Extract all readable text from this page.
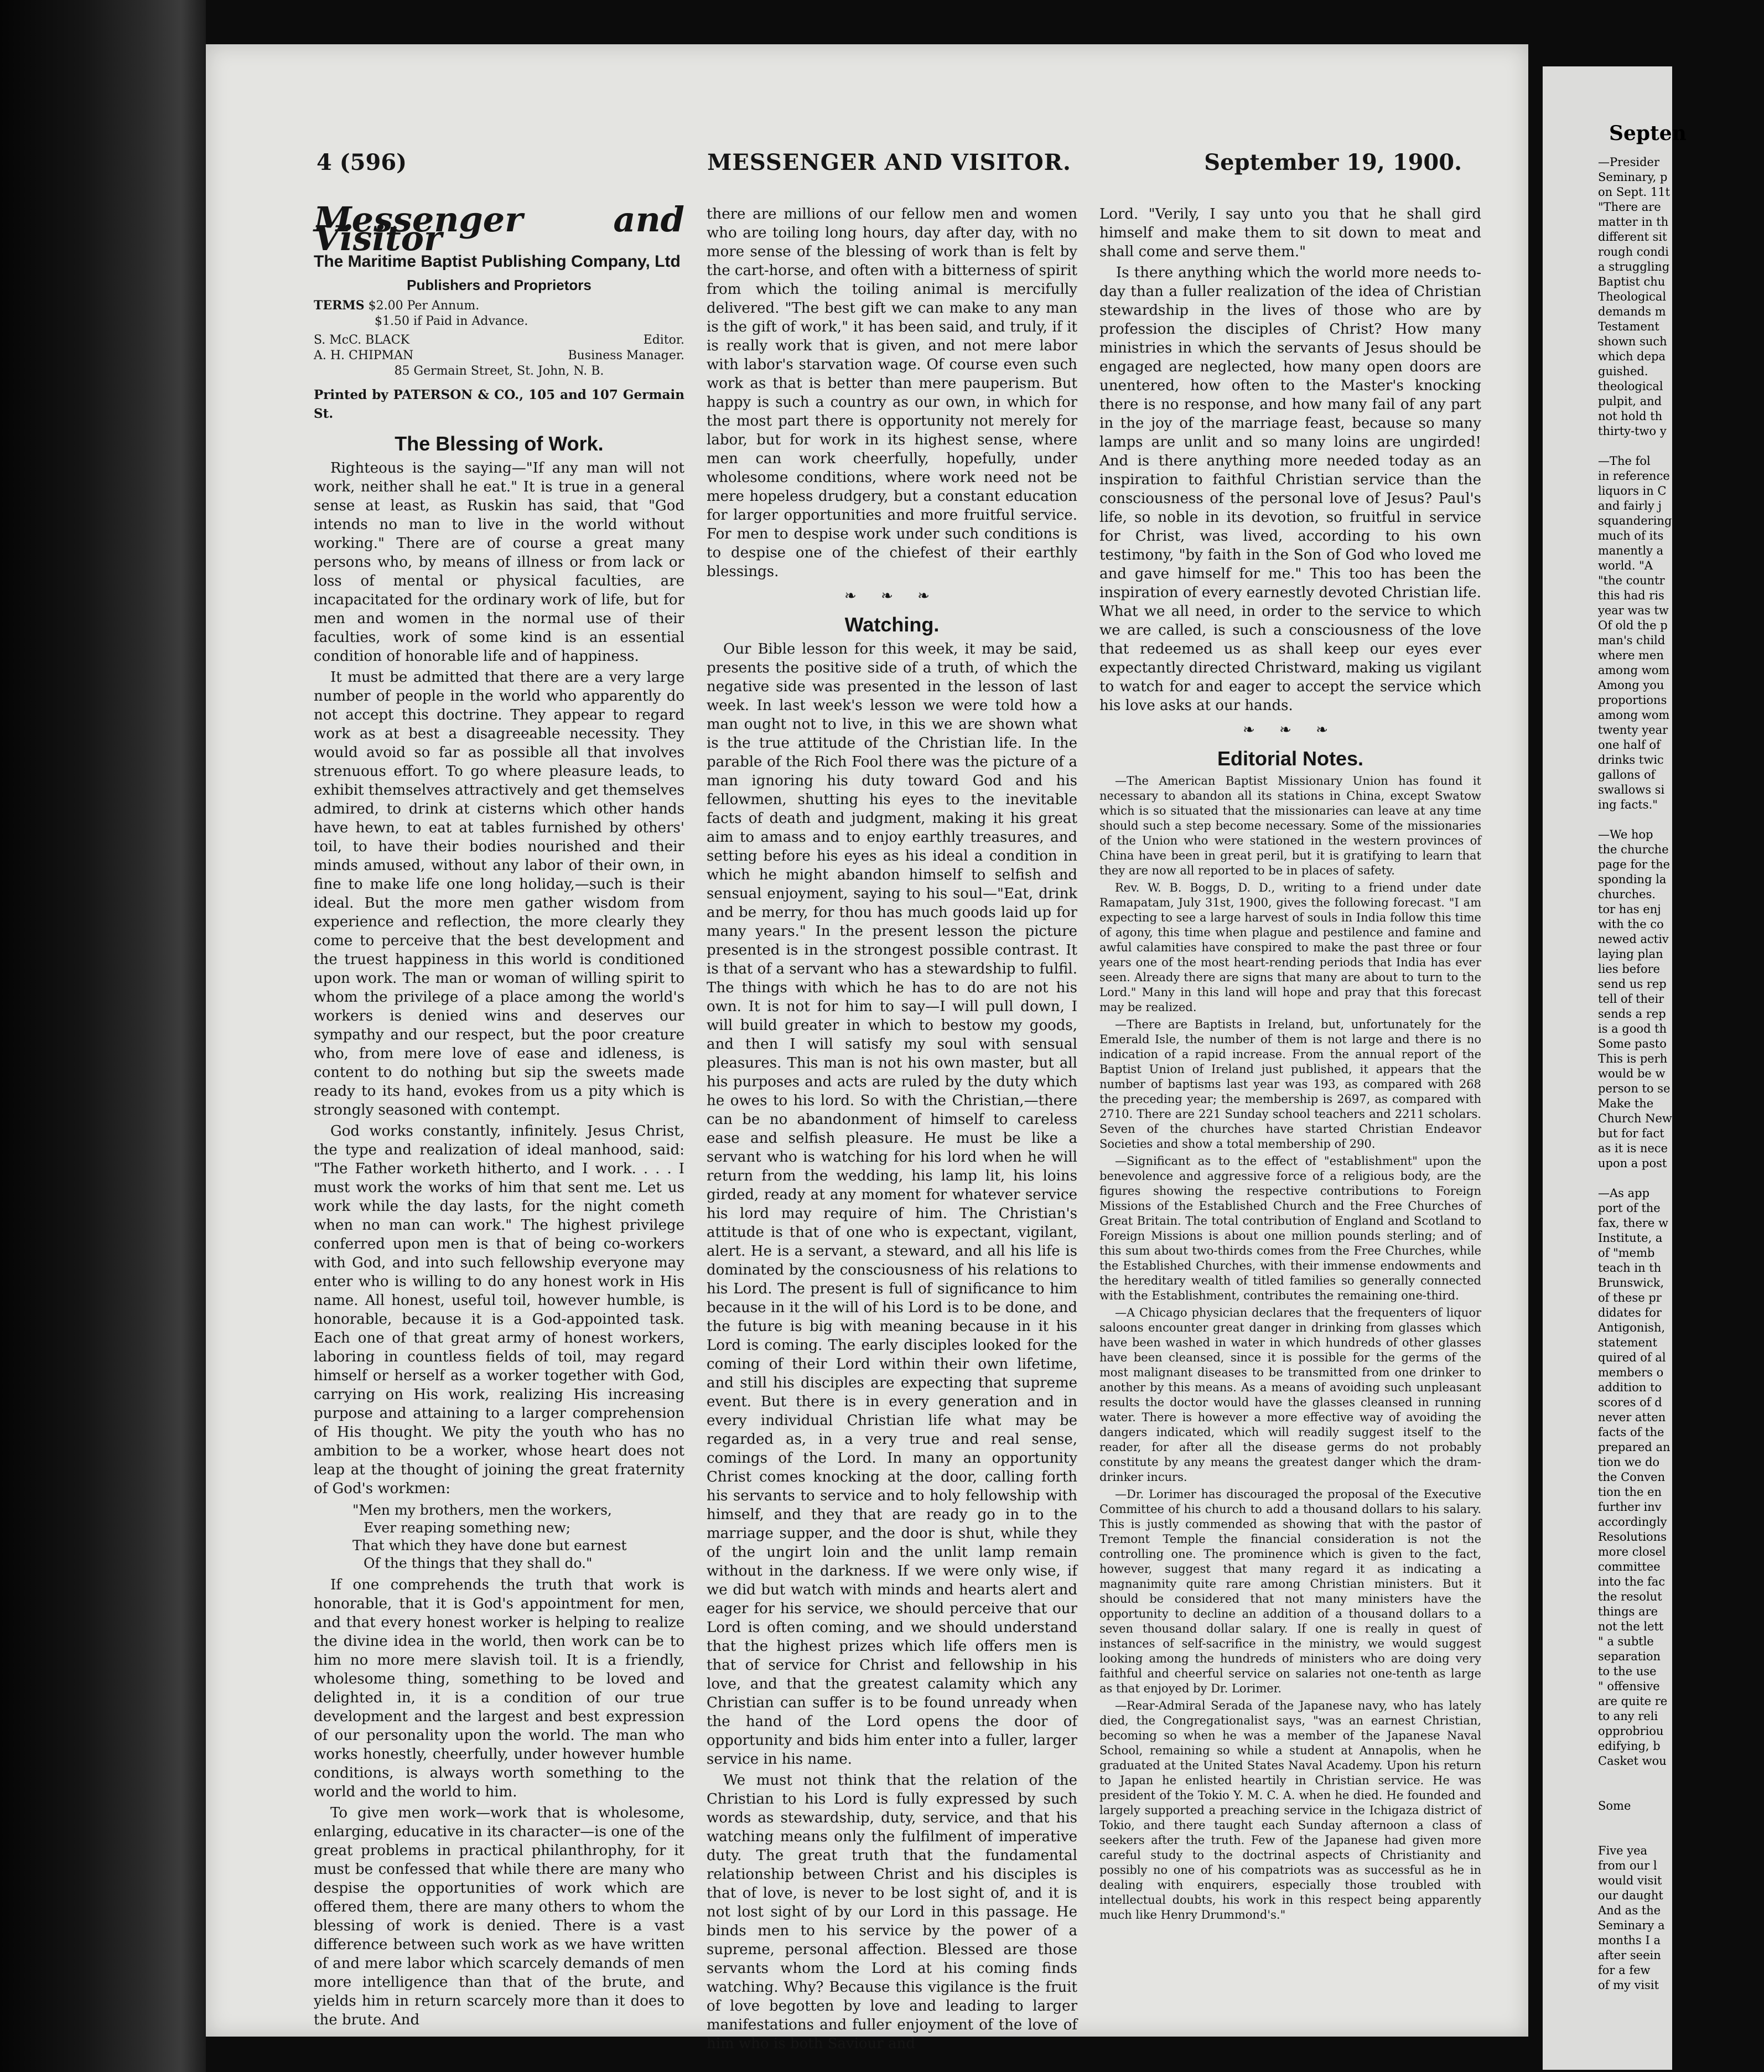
4 (596)	MESSENGER AND VISITOR.	September 19, 1900.
Messenger and Visitor
The Maritime Baptist Publishing Company, Ltd
Publishers and Proprietors
TERMS $2.00 Per Annum.
$1.50 if Paid in Advance.
S. McC. BLACK	Editor.
A. H. CHIPMAN	Business Manager.
85 Germain Street, St. John, N. B.
Printed by PATERSON & CO., 105 and 107 Germain St.
The Blessing of Work.

Righteous is the saying—"If any man will not work, neither shall he eat." It is true in a general sense at least, as Ruskin has said, that "God intends no man to live in the world without working." There are of course a great many persons who, by means of illness or from lack or loss of mental or physical faculties, are incapacitated for the ordinary work of life, but for men and women in the normal use of their faculties, work of some kind is an essential condition of honorable life and of happiness.

It must be admitted that there are a very large number of people in the world who apparently do not accept this doctrine. They appear to regard work as at best a disagreeable necessity. They would avoid so far as possible all that involves strenuous effort. To go where pleasure leads, to exhibit themselves attractively and get themselves admired, to drink at cisterns which other hands have hewn, to eat at tables furnished by others' toil, to have their bodies nourished and their minds amused, without any labor of their own, in fine to make life one long holiday,—such is their ideal. But the more men gather wisdom from experience and reflection, the more clearly they come to perceive that the best development and the truest happiness in this world is conditioned upon work. The man or woman of willing spirit to whom the privilege of a place among the world's workers is denied wins and deserves our sympathy and our respect, but the poor creature who, from mere love of ease and idleness, is content to do nothing but sip the sweets made ready to its hand, evokes from us a pity which is strongly seasoned with contempt.

God works constantly, infinitely. Jesus Christ, the type and realization of ideal manhood, said: "The Father worketh hitherto, and I work. . . . I must work the works of him that sent me. Let us work while the day lasts, for the night cometh when no man can work." The highest privilege conferred upon men is that of being co-workers with God, and into such fellowship everyone may enter who is willing to do any honest work in His name. All honest, useful toil, however humble, is honorable, because it is a God-appointed task. Each one of that great army of honest workers, laboring in countless fields of toil, may regard himself or herself as a worker together with God, carrying on His work, realizing His increasing purpose and attaining to a larger comprehension of His thought. We pity the youth who has no ambition to be a worker, whose heart does not leap at the thought of joining the great fraternity of God's workmen:

"Men my brothers, men the workers,
Ever reaping something new;
That which they have done but earnest
Of the things that they shall do."

If one comprehends the truth that work is honorable, that it is God's appointment for men, and that every honest worker is helping to realize the divine idea in the world, then work can be to him no more mere slavish toil. It is a friendly, wholesome thing, something to be loved and delighted in, it is a condition of our true development and the largest and best expression of our personality upon the world. The man who works honestly, cheerfully, under however humble conditions, is always worth something to the world and the world to him.

To give men work—work that is wholesome, enlarging, educative in its character—is one of the great problems in practical philanthrophy, for it must be confessed that while there are many who despise the opportunities of work which are offered them, there are many others to whom the blessing of work is denied. There is a vast difference between such work as we have written of and mere labor which scarcely demands of men more intelligence than that of the brute, and yields him in return scarcely more than it does to the brute. And

there are millions of our fellow men and women who are toiling long hours, day after day, with no more sense of the blessing of work than is felt by the cart-horse, and often with a bitterness of spirit from which the toiling animal is mercifully delivered. "The best gift we can make to any man is the gift of work," it has been said, and truly, if it is really work that is given, and not mere labor with labor's starvation wage. Of course even such work as that is better than mere pauperism. But happy is such a country as our own, in which for the most part there is opportunity not merely for labor, but for work in its highest sense, where men can work cheerfully, hopefully, under wholesome conditions, where work need not be mere hopeless drudgery, but a constant education for larger opportunities and more fruitful service. For men to despise work under such conditions is to despise one of the chiefest of their earthly blessings.

❧ ❧ ❧
Watching.

Our Bible lesson for this week, it may be said, presents the positive side of a truth, of which the negative side was presented in the lesson of last week. In last week's lesson we were told how a man ought not to live, in this we are shown what is the true attitude of the Christian life. In the parable of the Rich Fool there was the picture of a man ignoring his duty toward God and his fellowmen, shutting his eyes to the inevitable facts of death and judgment, making it his great aim to amass and to enjoy earthly treasures, and setting before his eyes as his ideal a condition in which he might abandon himself to selfish and sensual enjoyment, saying to his soul—"Eat, drink and be merry, for thou has much goods laid up for many years." In the present lesson the picture presented is in the strongest possible contrast. It is that of a servant who has a stewardship to fulfil. The things with which he has to do are not his own. It is not for him to say—I will pull down, I will build greater in which to bestow my goods, and then I will satisfy my soul with sensual pleasures. This man is not his own master, but all his purposes and acts are ruled by the duty which he owes to his lord. So with the Christian,—there can be no abandonment of himself to careless ease and selfish pleasure. He must be like a servant who is watching for his lord when he will return from the wedding, his lamp lit, his loins girded, ready at any moment for whatever service his lord may require of him. The Christian's attitude is that of one who is expectant, vigilant, alert. He is a servant, a steward, and all his life is dominated by the consciousness of his relations to his Lord. The present is full of significance to him because in it the will of his Lord is to be done, and the future is big with meaning because in it his Lord is coming. The early disciples looked for the coming of their Lord within their own lifetime, and still his disciples are expecting that supreme event. But there is in every generation and in every individual Christian life what may be regarded as, in a very true and real sense, comings of the Lord. In many an opportunity Christ comes knocking at the door, calling forth his servants to service and to holy fellowship with himself, and they that are ready go in to the marriage supper, and the door is shut, while they of the ungirt loin and the unlit lamp remain without in the darkness. If we were only wise, if we did but watch with minds and hearts alert and eager for his service, we should perceive that our Lord is often coming, and we should understand that the highest prizes which life offers men is that of service for Christ and fellowship in his love, and that the greatest calamity which any Christian can suffer is to be found unready when the hand of the Lord opens the door of opportunity and bids him enter into a fuller, larger service in his name.

We must not think that the relation of the Christian to his Lord is fully expressed by such words as stewardship, duty, service, and that his watching means only the fulfilment of imperative duty. The great truth that the fundamental relationship between Christ and his disciples is that of love, is never to be lost sight of, and it is not lost sight of by our Lord in this passage. He binds men to his service by the power of a supreme, personal affection. Blessed are those servants whom the Lord at his coming finds watching. Why? Because this vigilance is the fruit of love begotten by love and leading to larger manifestations and fuller enjoyment of the love of him who is both Saviour and

Lord. "Verily, I say unto you that he shall gird himself and make them to sit down to meat and shall come and serve them."

Is there anything which the world more needs to-day than a fuller realization of the idea of Christian stewardship in the lives of those who are by profession the disciples of Christ? How many ministries in which the servants of Jesus should be engaged are neglected, how many open doors are unentered, how often to the Master's knocking there is no response, and how many fail of any part in the joy of the marriage feast, because so many lamps are unlit and so many loins are ungirded! And is there anything more needed today as an inspiration to faithful Christian service than the consciousness of the personal love of Jesus? Paul's life, so noble in its devotion, so fruitful in service for Christ, was lived, according to his own testimony, "by faith in the Son of God who loved me and gave himself for me." This too has been the inspiration of every earnestly devoted Christian life. What we all need, in order to the service to which we are called, is such a consciousness of the love that redeemed us as shall keep our eyes ever expectantly directed Christward, making us vigilant to watch for and eager to accept the service which his love asks at our hands.

❧ ❧ ❧
Editorial Notes.

—The American Baptist Missionary Union has found it necessary to abandon all its stations in China, except Swatow which is so situated that the missionaries can leave at any time should such a step become necessary. Some of the missionaries of the Union who were stationed in the western provinces of China have been in great peril, but it is gratifying to learn that they are now all reported to be in places of safety.

Rev. W. B. Boggs, D. D., writing to a friend under date Ramapatam, July 31st, 1900, gives the following forecast. "I am expecting to see a large harvest of souls in India follow this time of agony, this time when plague and pestilence and famine and awful calamities have conspired to make the past three or four years one of the most heart-rending periods that India has ever seen. Already there are signs that many are about to turn to the Lord." Many in this land will hope and pray that this forecast may be realized.

—There are Baptists in Ireland, but, unfortunately for the Emerald Isle, the number of them is not large and there is no indication of a rapid increase. From the annual report of the Baptist Union of Ireland just published, it appears that the number of baptisms last year was 193, as compared with 268 the preceding year; the membership is 2697, as compared with 2710. There are 221 Sunday school teachers and 2211 scholars. Seven of the churches have started Christian Endeavor Societies and show a total membership of 290.

—Significant as to the effect of "establishment" upon the benevolence and aggressive force of a religious body, are the figures showing the respective contributions to Foreign Missions of the Established Church and the Free Churches of Great Britain. The total contribution of England and Scotland to Foreign Missions is about one million pounds sterling; and of this sum about two-thirds comes from the Free Churches, while the Established Churches, with their immense endowments and the hereditary wealth of titled families so generally connected with the Establishment, contributes the remaining one-third.

—A Chicago physician declares that the frequenters of liquor saloons encounter great danger in drinking from glasses which have been washed in water in which hundreds of other glasses have been cleansed, since it is possible for the germs of the most malignant diseases to be transmitted from one drinker to another by this means. As a means of avoiding such unpleasant results the doctor would have the glasses cleansed in running water. There is however a more effective way of avoiding the dangers indicated, which will readily suggest itself to the reader, for after all the disease germs do not probably constitute by any means the greatest danger which the dram-drinker incurs.

—Dr. Lorimer has discouraged the proposal of the Executive Committee of his church to add a thousand dollars to his salary. This is justly commended as showing that with the pastor of Tremont Temple the financial consideration is not the controlling one. The prominence which is given to the fact, however, suggest that many regard it as indicating a magnanimity quite rare among Christian ministers. But it should be considered that not many ministers have the opportunity to decline an addition of a thousand dollars to a seven thousand dollar salary. If one is really in quest of instances of self-sacrifice in the ministry, we would suggest looking among the hundreds of ministers who are doing very faithful and cheerful service on salaries not one-tenth as large as that enjoyed by Dr. Lorimer.

—Rear-Admiral Serada of the Japanese navy, who has lately died, the Congregationalist says, "was an earnest Christian, becoming so when he was a member of the Japanese Naval School, remaining so while a student at Annapolis, when he graduated at the United States Naval Academy. Upon his return to Japan he enlisted heartily in Christian service. He was president of the Tokio Y. M. C. A. when he died. He founded and largely supported a preaching service in the Ichigaza district of Tokio, and there taught each Sunday afternoon a class of seekers after the truth. Few of the Japanese had given more careful study to the doctrinal aspects of Christianity and possibly no one of his compatriots was as successful as he in dealing with enquirers, especially those troubled with intellectual doubts, his work in this respect being apparently much like Henry Drummond's."

Septen
—Presider
Seminary, p
on Sept. 11t
"There are
matter in th
different sit
rough condi
a struggling
Baptist chu
Theological
demands m
Testament
shown such
which depa
guished.
theological
pulpit, and
not hold th
thirty-two y

—The fol
in reference
liquors in C
and fairly j
squandering
much of its
manently a
world. "A
"the countr
this had ris
year was tw
Of old the p
man's child
where men
among wom
Among you
proportions
among wom
twenty year
one half of
drinks twic
gallons of
swallows si
ing facts."

—We hop
the churche
page for the
sponding la
churches.
tor has enj
with the co
newed activ
laying plan
lies before
send us rep
tell of their
sends a rep
is a good th
Some pasto
This is perh
would be w
person to se
Make the
Church New
but for fact
as it is nece
upon a post

—As app
port of the
fax, there w
Institute, a
of "memb
teach in th
Brunswick,
of these pr
didates for
Antigonish,
statement
quired of al
members o
addition to
scores of d
never atten
facts of the
prepared an
tion we do
the Conven
tion the en
further inv
accordingly
Resolutions
more closel
committee
into the fac
the resolut
things are
not the lett
" a subtle
separation
to the use
" offensive
are quite re
to any reli
opprobriou
edifying, b
Casket wou

Some

Five yea
from our l
would visit
our daught
And as the
Seminary a
months I a
after seein
for a few
of my visit
